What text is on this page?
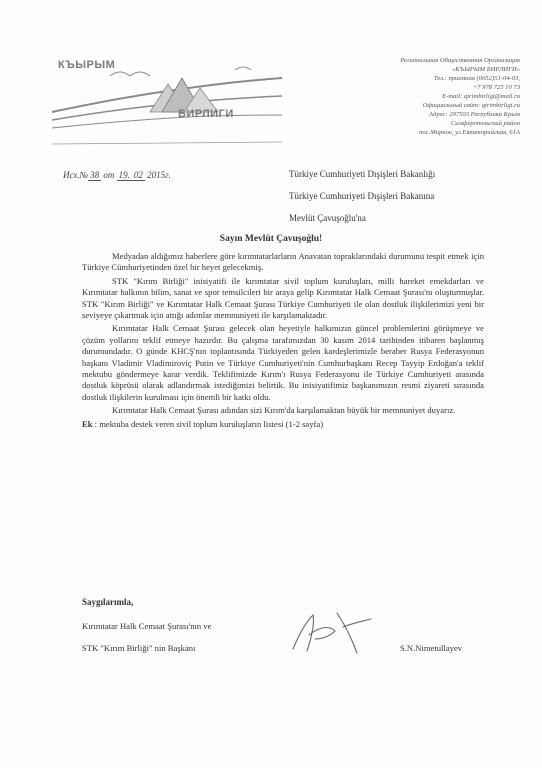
КЪЫРЫМ
БИРЛИГИ
Региональная Общественная Организация
«КЪЫРЫМ БИРЛИГИ»
Тел.: приемная (0652)51-04-03,
+7 978 725 10 73
E-mail: qirimbirligi@mail.ru
Официальный сайт: qirimbirligi.ru
Адрес: 297503 Республика Крым
Симферопольский район
пос.Мирное, ул.Евпаторийская, 61А
Исх.№ 38 от 19. 02 2015г.	Türkiye Cumhuriyeti Dışişleri Bakanlığı
Türkiye Cumhuriyeti Dışişleri Bakanına
Mevlüt Çavuşoğlu'na
Sayın Mevlüt Çavuşoğlu!

Medyadan aldığımız haberlere göre kırımtatarlarların Anavatan topraklarındaki durumunu tespit etmek için Türkiye Cümhuriyetinden özel bir heyet gelecekmiş.

STK "Kırım Birliği" inisiyatifi ile kırımtatar sivil toplum kuruluşları, milli hareket emekdarları ve Kırımtatar halkının bilim, sanat ve spor temsilcileri bir araya gelip Kırımtatar Halk Cemaat Şurası'nı oluşturmuşlar. STK "Kırım Birliği" ve Kırımtatar Halk Cemaat Şurası Türkiye Cumhuriyeti ile olan dostluk ilişkilerimizi yeni bir seviyeye çıkartmak için attığı adımlar memnuniyeti ile karşılamaktadır.

Kırımtatar Halk Cemaat Şurası gelecek olan heyetiyle halkımızın güncel problemlerini görüşmeye ve çözüm yollarını teklif etmeye hazırdır. Bu çalışma tarafımızdan 30 kasım 2014 tarihinden itibaren başlanmış durumundadır. O günde KHCŞ'nın toplantısında Türkiyeden gelen kardeşlerimizle beraber Rusya Federasyonun başkanı Vladimir Vladimiroviç Putin ve Türkiye Cumhuriyeti'nin Cumhurbaşkanı Recep Tayyip Erdoğan'a teklif mektubu göndermeye karar verdik. Teklifimizde Kırım'ı Rusya Federasyonu ile Türkiye Cumhuriyeti arasında dostluk köprüsü olarak adlandırmak istediğimizi belirtik. Bu inisiyatifimiz başkanımızın resmi ziyareti sırasında dostluk ilişkilerin kurulması için önemli bir katkı oldu.

Kırımtatar Halk Cemaat Şurası adından sizi Kırım'da karşılamaktan büyük bir memnuniyet duyarız.

Ek : mektuba destek veren sivil toplum kuruluşların listesi (1-2 sayfa)

Saygılarımla,
Kırımtatar Halk Cemaat Şurası'nın ve
STK "Kırım Birliği" nin Başkanı	S.N.Nimetullayev
